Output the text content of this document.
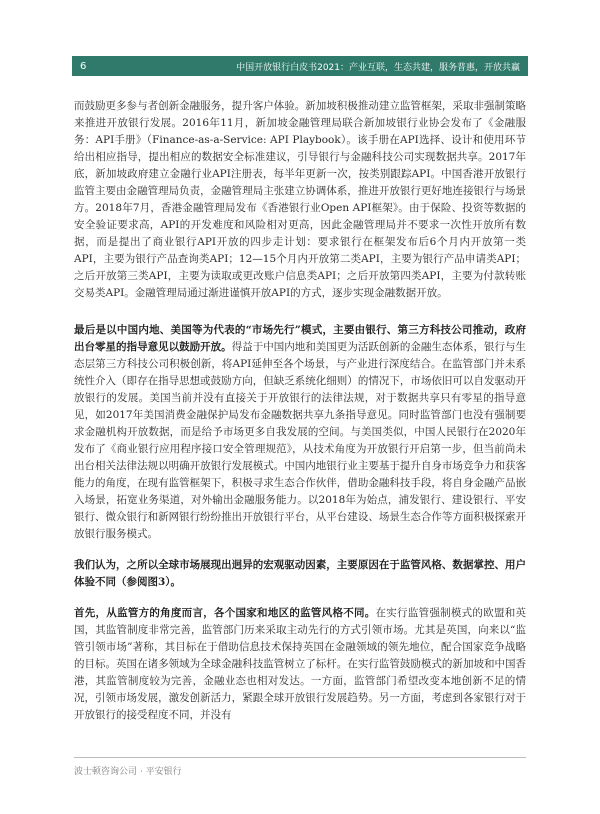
6	中国开放银行白皮书2021：产业互联，生态共建，服务普惠，开放共赢

而鼓励更多参与者创新金融服务，提升客户体验。新加坡积极推动建立监管框架，采取非强制策略来推进开放银行发展。2016年11月，新加坡金融管理局联合新加坡银行业协会发布了《金融服务：API手册》（Finance-as-a-Service: API Playbook）。该手册在API选择、设计和使用环节给出相应指导，提出相应的数据安全标准建议，引导银行与金融科技公司实现数据共享。2017年底，新加坡政府建立金融行业API注册表，每半年更新一次，按类别跟踪API。中国香港开放银行监管主要由金融管理局负责，金融管理局主张建立协调体系，推进开放银行更好地连接银行与场景方。2018年7月，香港金融管理局发布《香港银行业Open API框架》。由于保险、投资等数据的安全验证要求高，API的开发难度和风险相对更高，因此金融管理局并不要求一次性开放所有数据，而是提出了商业银行API开放的四步走计划：要求银行在框架发布后6个月内开放第一类API，主要为银行产品查询类API；12—15个月内开放第二类API，主要为银行产品申请类API；之后开放第三类API，主要为读取或更改账户信息类API；之后开放第四类API，主要为付款转账交易类API。金融管理局通过渐进谨慎开放API的方式，逐步实现金融数据开放。

最后是以中国内地、美国等为代表的“市场先行”模式，主要由银行、第三方科技公司推动，政府出台零星的指导意见以鼓励开放。得益于中国内地和美国更为活跃创新的金融生态体系，银行与生态层第三方科技公司积极创新，将API延伸至各个场景，与产业进行深度结合。在监管部门并未系统性介入（即存在指导思想或鼓励方向，但缺乏系统化细则）的情况下，市场依旧可以自发驱动开放银行的发展。美国当前并没有直接关于开放银行的法律法规，对于数据共享只有零星的指导意见，如2017年美国消费金融保护局发布金融数据共享九条指导意见。同时监管部门也没有强制要求金融机构开放数据，而是给予市场更多自我发展的空间。与美国类似，中国人民银行在2020年发布了《商业银行应用程序接口安全管理规范》，从技术角度为开放银行开启第一步，但当前尚未出台相关法律法规以明确开放银行发展模式。中国内地银行业主要基于提升自身市场竞争力和获客能力的角度，在现有监管框架下，积极寻求生态合作伙伴，借助金融科技手段，将自身金融产品嵌入场景，拓宽业务渠道，对外输出金融服务能力。以2018年为始点，浦发银行、建设银行、平安银行、微众银行和新网银行纷纷推出开放银行平台，从平台建设、场景生态合作等方面积极探索开放银行服务模式。

我们认为，之所以全球市场展现出迥异的宏观驱动因素，主要原因在于监管风格、数据掌控、用户体验不同（参阅图3）。

首先，从监管方的角度而言，各个国家和地区的监管风格不同。在实行监管强制模式的欧盟和英国，其监管制度非常完善，监管部门历来采取主动先行的方式引领市场。尤其是英国，向来以“监管引领市场”著称，其目标在于借助信息技术保持英国在金融领域的领先地位，配合国家竞争战略的目标。英国在诸多领域为全球金融科技监管树立了标杆。在实行监管鼓励模式的新加坡和中国香港，其监管制度较为完善，金融业态也相对发达。一方面，监管部门希望改变本地创新不足的情况，引领市场发展，激发创新活力，紧跟全球开放银行发展趋势。另一方面，考虑到各家银行对于开放银行的接受程度不同，并没有

波士顿咨询公司 · 平安银行
